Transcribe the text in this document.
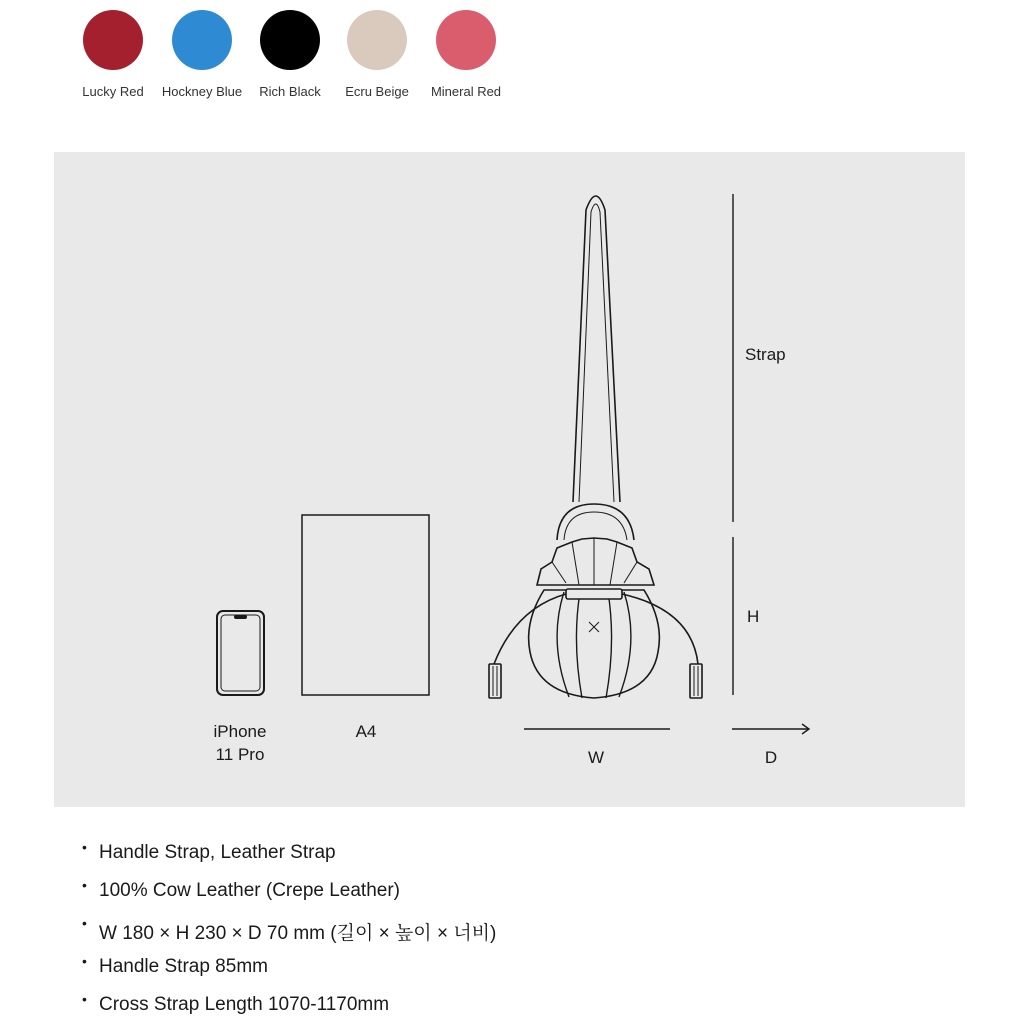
Lucky Red	Hockney Blue	Rich Black	Ecru Beige	Mineral Red
iPhone
11 Pro
A4
Strap
H
W	D
• Handle Strap, Leather Strap
• 100% Cow Leather (Crepe Leather)
• W 180 × H 230 × D 70 mm (길이 × 높이 × 너비)
• Handle Strap 85mm
• Cross Strap Length 1070-1170mm
